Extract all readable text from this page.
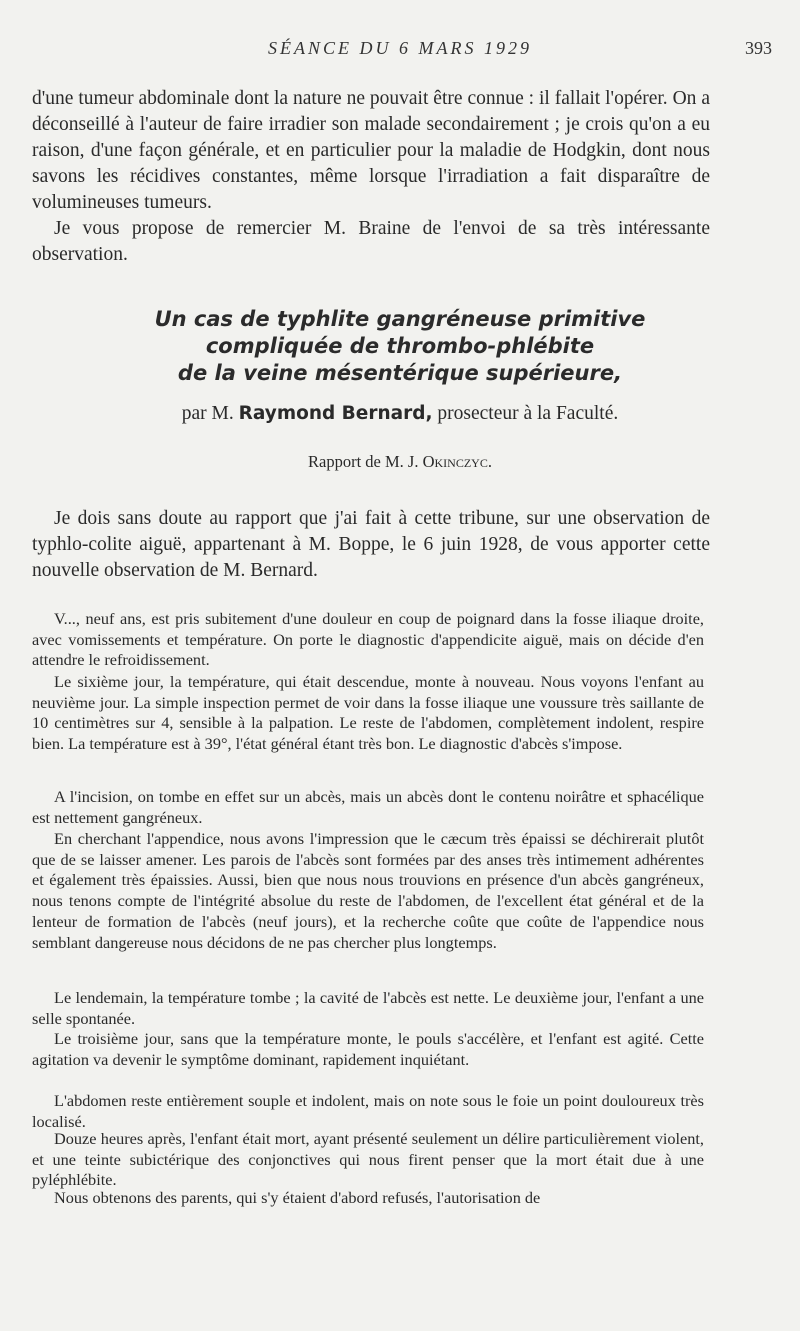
SÉANCE DU 6 MARS 1929	393
d'une tumeur abdominale dont la nature ne pouvait être connue : il fallait l'opérer. On a déconseillé à l'auteur de faire irradier son malade secondairement ; je crois qu'on a eu raison, d'une façon générale, et en particulier pour la maladie de Hodgkin, dont nous savons les récidives constantes, même lorsque l'irradiation a fait disparaître de volumineuses tumeurs.
Je vous propose de remercier M. Braine de l'envoi de sa très intéressante observation.
Un cas de typhlite gangréneuse primitive
compliquée de thrombo-phlébite
de la veine mésentérique supérieure,
par M. Raymond Bernard, prosecteur à la Faculté.
Rapport de M. J. Okinczyc.
Je dois sans doute au rapport que j'ai fait à cette tribune, sur une observation de typhlo-colite aiguë, appartenant à M. Boppe, le 6 juin 1928, de vous apporter cette nouvelle observation de M. Bernard.
V..., neuf ans, est pris subitement d'une douleur en coup de poignard dans la fosse iliaque droite, avec vomissements et température. On porte le diagnostic d'appendicite aiguë, mais on décide d'en attendre le refroidissement.
Le sixième jour, la température, qui était descendue, monte à nouveau. Nous voyons l'enfant au neuvième jour. La simple inspection permet de voir dans la fosse iliaque une voussure très saillante de 10 centimètres sur 4, sensible à la palpation. Le reste de l'abdomen, complètement indolent, respire bien. La température est à 39°, l'état général étant très bon. Le diagnostic d'abcès s'impose.
A l'incision, on tombe en effet sur un abcès, mais un abcès dont le contenu noirâtre et sphacélique est nettement gangréneux.
En cherchant l'appendice, nous avons l'impression que le cæcum très épaissi se déchirerait plutôt que de se laisser amener. Les parois de l'abcès sont formées par des anses très intimement adhérentes et également très épaissies. Aussi, bien que nous nous trouvions en présence d'un abcès gangréneux, nous tenons compte de l'intégrité absolue du reste de l'abdomen, de l'excellent état général et de la lenteur de formation de l'abcès (neuf jours), et la recherche coûte que coûte de l'appendice nous semblant dangereuse nous décidons de ne pas chercher plus longtemps.
Le lendemain, la température tombe ; la cavité de l'abcès est nette. Le deuxième jour, l'enfant a une selle spontanée.
Le troisième jour, sans que la température monte, le pouls s'accélère, et l'enfant est agité. Cette agitation va devenir le symptôme dominant, rapidement inquiétant.
L'abdomen reste entièrement souple et indolent, mais on note sous le foie un point douloureux très localisé.
Douze heures après, l'enfant était mort, ayant présenté seulement un délire particulièrement violent, et une teinte subictérique des conjonctives qui nous firent penser que la mort était due à une pyléphlébite.
Nous obtenons des parents, qui s'y étaient d'abord refusés, l'autorisation de
